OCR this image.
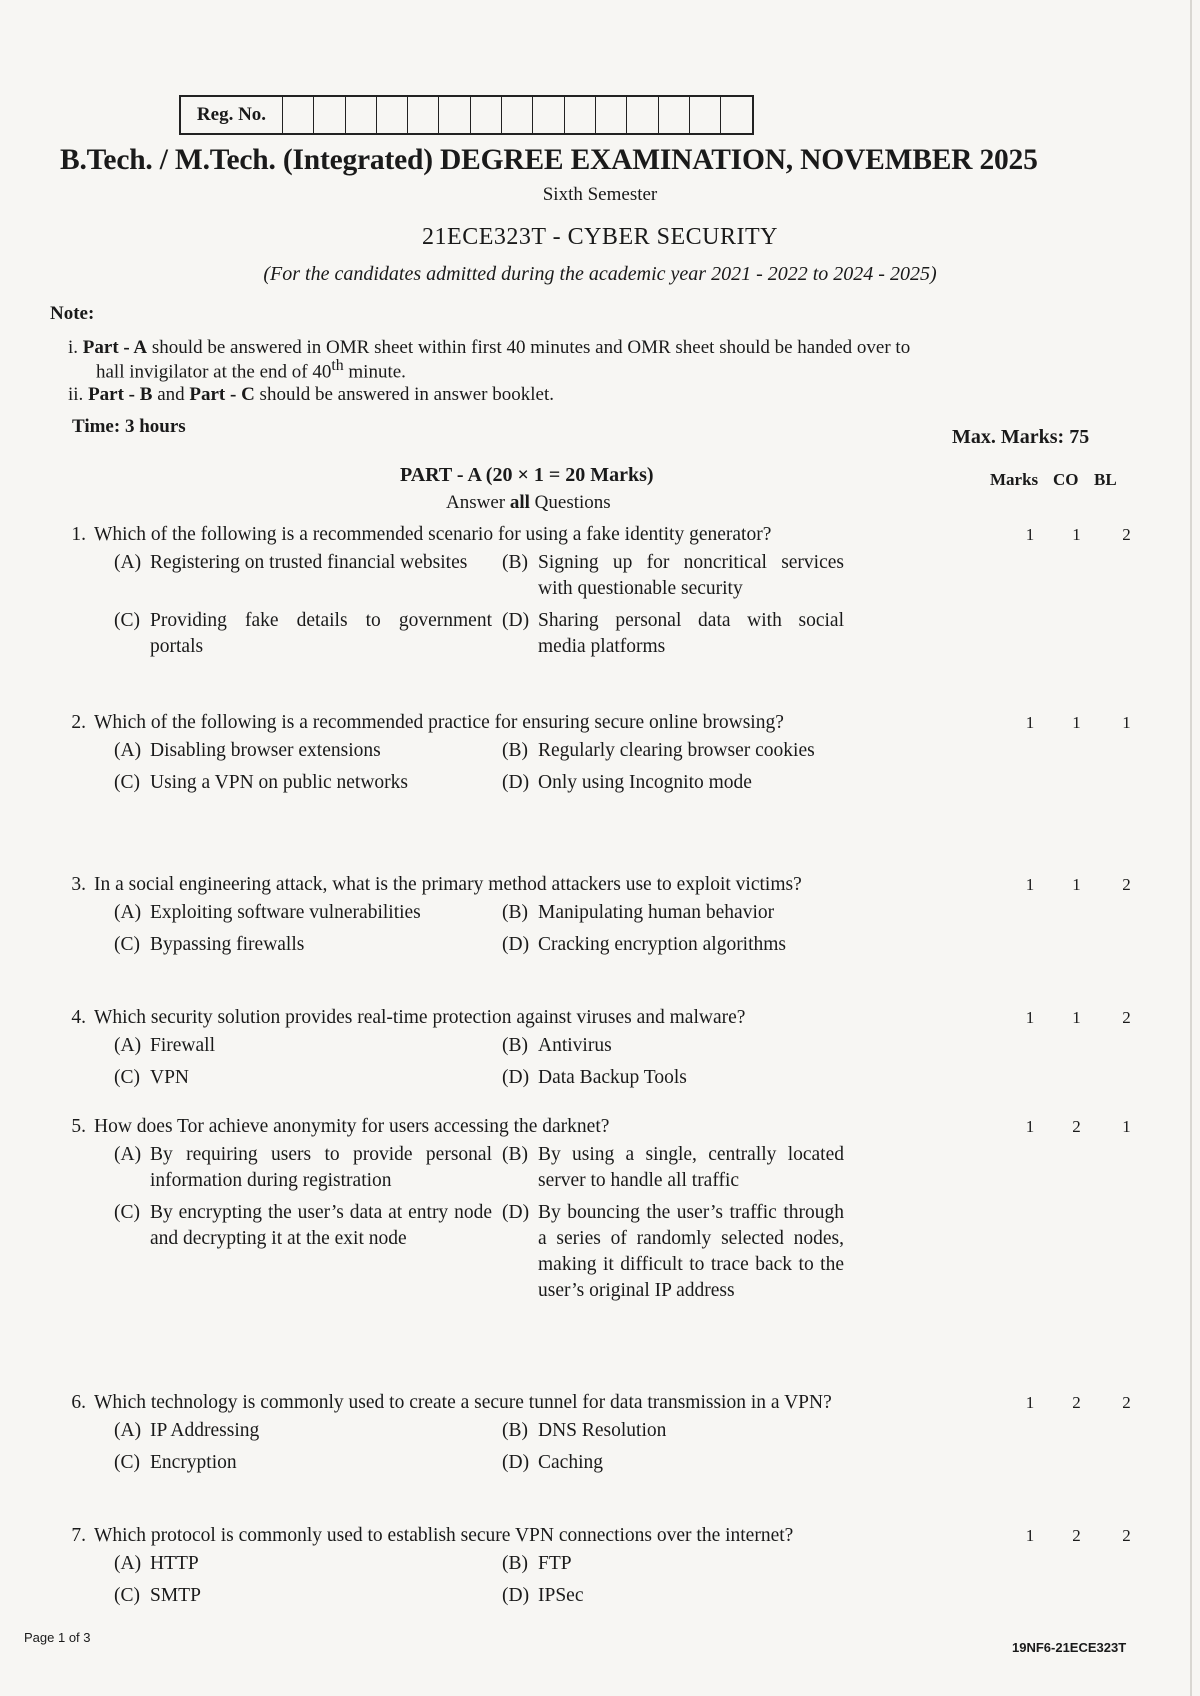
Reg. No.
B.Tech. / M.Tech. (Integrated) DEGREE EXAMINATION, NOVEMBER 2025
Sixth Semester
21ECE323T - CYBER SECURITY
(For the candidates admitted during the academic year 2021 - 2022 to 2024 - 2025)
Note:
i. Part - A should be answered in OMR sheet within first 40 minutes and OMR sheet should be handed over to
hall invigilator at the end of 40th minute.
ii. Part - B and Part - C should be answered in answer booklet.
Time: 3 hours	Max. Marks: 75
PART - A (20 × 1 = 20 Marks)
Answer all Questions
Marks CO BL
1. Which of the following is a recommended scenario for using a fake identity generator?	1	1	2
(A) Registering on trusted financial websites	(B) Signing up for noncritical services with questionable security
(C) Providing fake details to government portals
(D) Sharing personal data with social media platforms
2. Which of the following is a recommended practice for ensuring secure online browsing?	1	1	1
(A) Disabling browser extensions	(B) Regularly clearing browser cookies
(C) Using a VPN on public networks	(D) Only using Incognito mode
3. In a social engineering attack, what is the primary method attackers use to exploit victims?	1	1	2
(A) Exploiting software vulnerabilities	(B) Manipulating human behavior
(C) Bypassing firewalls	(D) Cracking encryption algorithms
4. Which security solution provides real-time protection against viruses and malware?	1	1	2
(A) Firewall	(B) Antivirus
(C) VPN	(D) Data Backup Tools
5. How does Tor achieve anonymity for users accessing the darknet?	1	2	1
(A) By requiring users to provide personal information during registration
(B) By using a single, centrally located server to handle all traffic
(C) By encrypting the user’s data at entry node and decrypting it at the exit node
(D) By bouncing the user’s traffic through a series of randomly selected nodes, making it difficult to trace back to the user’s original IP address
6. Which technology is commonly used to create a secure tunnel for data transmission in a VPN?	1	2	2
(A) IP Addressing	(B) DNS Resolution
(C) Encryption	(D) Caching
7. Which protocol is commonly used to establish secure VPN connections over the internet?	1	2	2
(A) HTTP	(B) FTP
(C) SMTP	(D) IPSec
Page 1 of 3
19NF6-21ECE323T
